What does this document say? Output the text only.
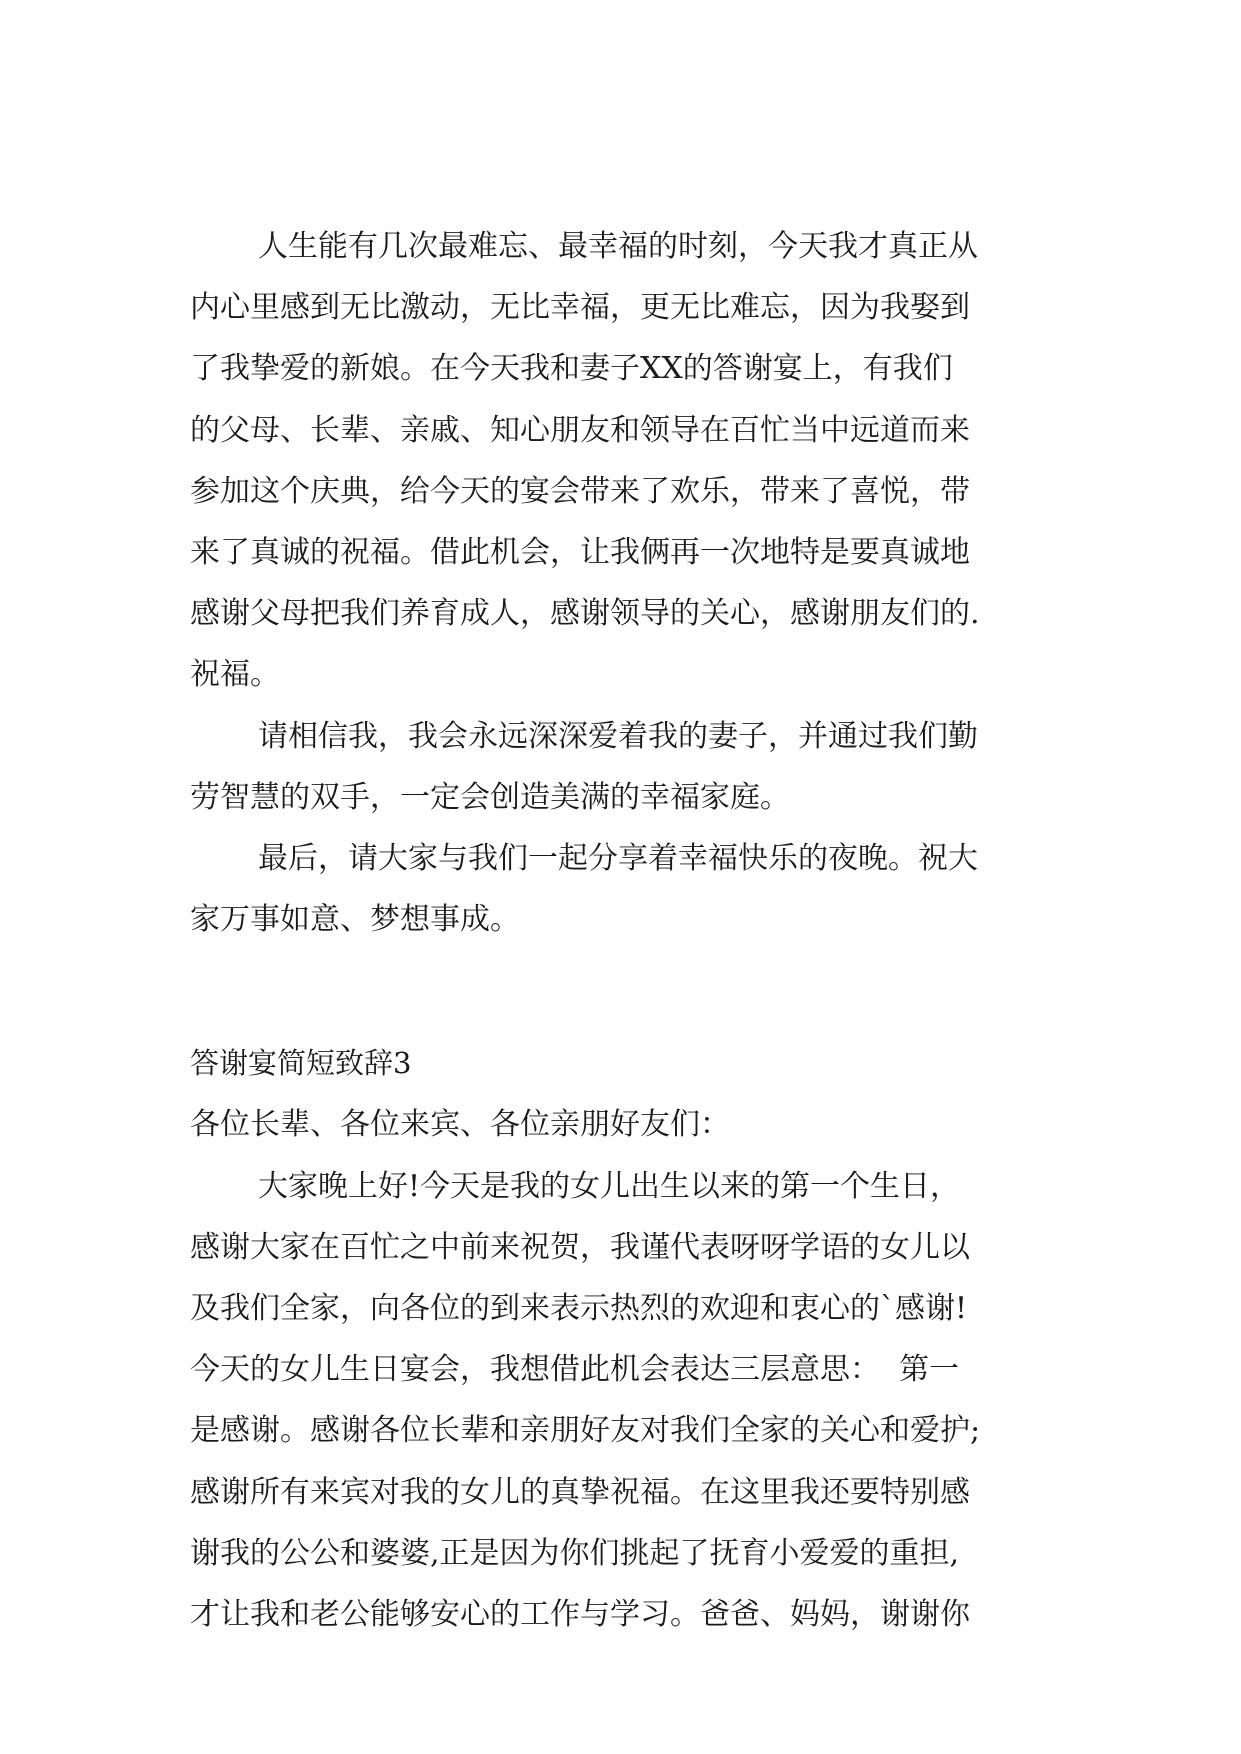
人生能有几次最难忘、最幸福的时刻，今天我才真正从
内心里感到无比激动，无比幸福，更无比难忘，因为我娶到
了我挚爱的新娘。在今天我和妻子XX的答谢宴上，有我们
的父母、长辈、亲戚、知心朋友和领导在百忙当中远道而来
参加这个庆典，给今天的宴会带来了欢乐，带来了喜悦，带
来了真诚的祝福。借此机会，让我俩再一次地特是要真诚地
感谢父母把我们养育成人，感谢领导的关心，感谢朋友们的.
祝福。
请相信我，我会永远深深爱着我的妻子，并通过我们勤
劳智慧的双手，一定会创造美满的幸福家庭。
最后，请大家与我们一起分享着幸福快乐的夜晚。祝大
家万事如意、梦想事成。
答谢宴简短致辞3
各位长辈、各位来宾、各位亲朋好友们：
大家晚上好!今天是我的女儿出生以来的第一个生日，
感谢大家在百忙之中前来祝贺，我谨代表呀呀学语的女儿以
及我们全家，向各位的到来表示热烈的欢迎和衷心的`感谢!
今天的女儿生日宴会，我想借此机会表达三层意思：  第一
是感谢。感谢各位长辈和亲朋好友对我们全家的关心和爱护;
感谢所有来宾对我的女儿的真挚祝福。在这里我还要特别感
谢我的公公和婆婆,正是因为你们挑起了抚育小爱爱的重担,
才让我和老公能够安心的工作与学习。爸爸、妈妈，谢谢你
